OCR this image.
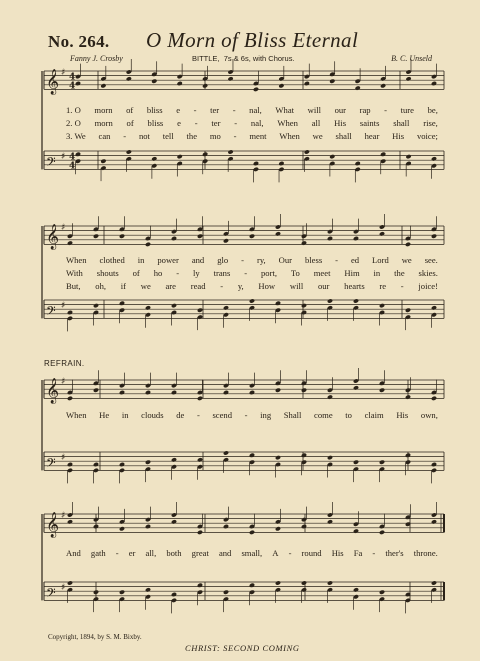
No. 264. O Morn of Bliss Eternal
Fanny J. Crosby	BITTLE, 7s & 6s, with Chorus.	B. C. Unseld
𝄞 ♯ 4
4
𝄢 ♯ 4
4
𝄞 ♯
𝄢 ♯
𝄞 ♯
𝄢 ♯
𝄞 ♯
𝄢 ♯
1. O morn of bliss e - ter - nal, What will our rap - ture be,
2. O morn of bliss e - ter - nal, When all His saints shall rise,
3. We can - not tell the mo - ment When we shall hear His voice;
When clothed in power and glo - ry, Our bless - ed Lord we see.
With shouts of ho - ly trans - port, To meet Him in the skies.
But, oh, if we are read - y, How will our hearts re - joice!
When He in clouds de - scend - ing Shall come to claim His own,
And gath - er all, both great and small, A - round His Fa - ther's throne.
REFRAIN.
Copyright, 1894, by S. M. Bixby.
CHRIST: SECOND COMING
